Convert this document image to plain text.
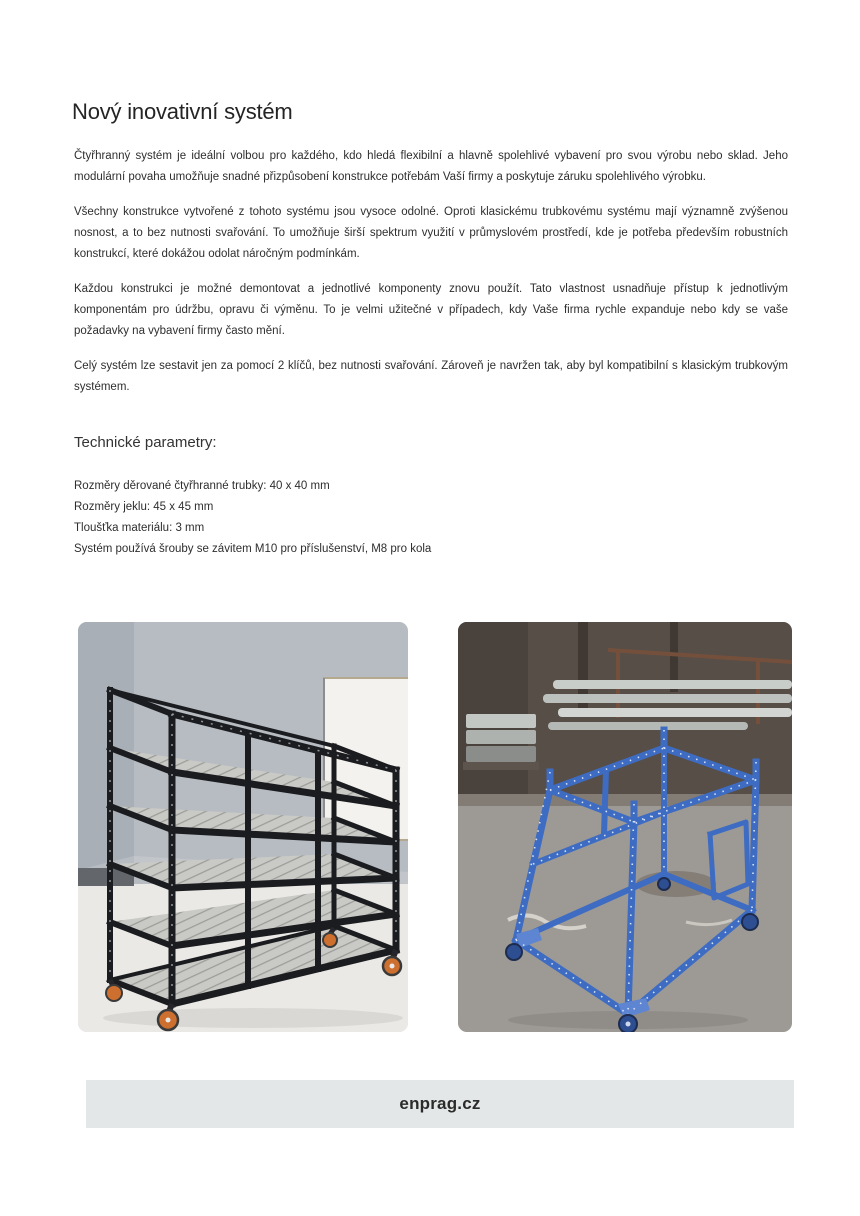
Nový inovativní systém

Čtyřhranný systém je ideální volbou pro každého, kdo hledá flexibilní a hlavně spolehlivé vybavení pro svou výrobu nebo sklad. Jeho modulární povaha umožňuje snadné přizpůsobení konstrukce potřebám Vaší firmy a poskytuje záruku spolehlivého výrobku.

Všechny konstrukce vytvořené z tohoto systému jsou vysoce odolné. Oproti klasickému trubkovému systému mají významně zvýšenou nosnost, a to bez nutnosti svařování. To umožňuje širší spektrum využití v průmyslovém prostředí, kde je potřeba především robustních konstrukcí, které dokážou odolat náročným podmínkám.

Každou konstrukci je možné demontovat a jednotlivé komponenty znovu použít. Tato vlastnost usnadňuje přístup k jednotlivým komponentám pro údržbu, opravu či výměnu. To je velmi užitečné v případech, kdy Vaše firma rychle expanduje nebo kdy se vaše požadavky na vybavení firmy často mění.

Celý systém lze sestavit jen za pomocí 2 klíčů, bez nutnosti svařování. Zároveň je navržen tak, aby byl kompatibilní s klasickým trubkovým systémem.

Technické parametry:
Rozměry děrované čtyřhranné trubky: 40 x 40 mm
Rozměry jeklu: 45 x 45 mm
Tloušťka materiálu: 3 mm
Systém používá šrouby se závitem M10 pro příslušenství, M8 pro kola
enprag.cz
